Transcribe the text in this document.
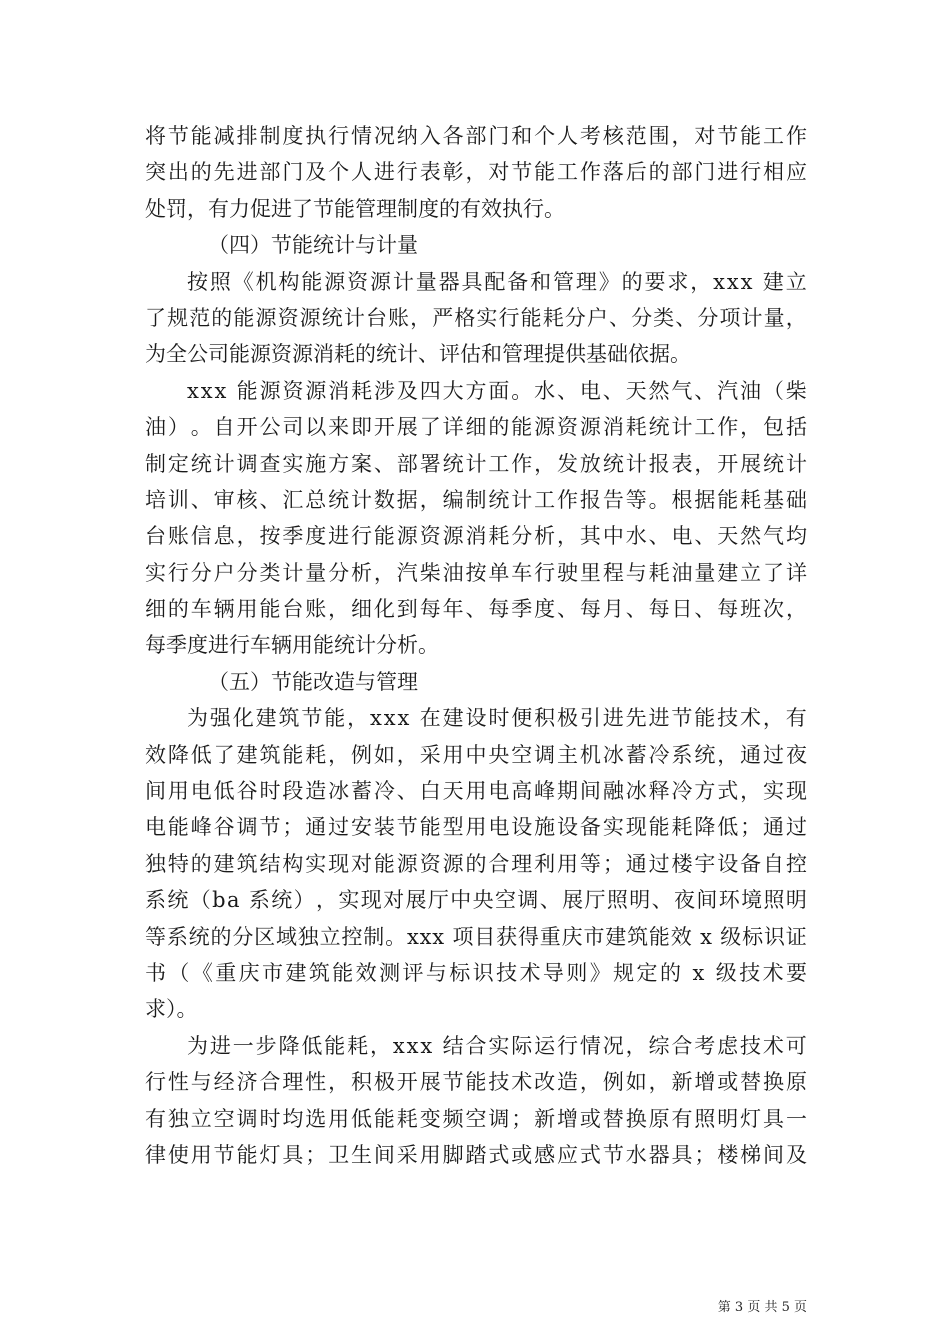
将 节 能 减 排 制 度 执 行 情 况 纳 入 各 部 门 和 个 人 考 核 范 围 ， 对 节 能 工 作
突 出 的 先 进 部 门 及 个 人 进 行 表 彰 ， 对 节 能 工 作 落 后 的 部 门 进 行 相 应
处罚，有力促进了节能管理制度的有效执行。
（四）节能统计与计量
按 照 《 机 构 能 源 资 源 计 量 器 具 配 备 和 管 理 》 的 要 求 ， x x x
建 立
了 规 范 的 能 源 资 源 统 计 台 账 ， 严 格 实 行 能 耗 分 户 、 分 类 、 分 项 计 量 ，
为全公司能源资源消耗的统计、评估和管理提供基础依据。
x x x
能 源 资 源 消 耗 涉 及 四 大 方 面 。 水 、 电 、 天 然 气 、 汽 油 （ 柴
油 ） 。 自 开 公 司 以 来 即 开 展 了 详 细 的 能 源 资 源 消 耗 统 计 工 作 ， 包 括
制 定 统 计 调 查 实 施 方 案 、 部 署 统 计 工 作 ， 发 放 统 计 报 表 ， 开 展 统 计
培 训 、 审 核 、 汇 总 统 计 数 据 ， 编 制 统 计 工 作 报 告 等 。 根 据 能 耗 基 础
台 账 信 息 ， 按 季 度 进 行 能 源 资 源 消 耗 分 析 ， 其 中 水 、 电 、 天 然 气 均
实 行 分 户 分 类 计 量 分 析 ， 汽 柴 油 按 单 车 行 驶 里 程 与 耗 油 量 建 立 了 详
细 的 车 辆 用 能 台 账 ， 细 化 到 每 年 、 每 季 度 、 每 月 、 每 日 、 每 班 次 ，
每季度进行车辆用能统计分析。
（五）节能改造与管理
为 强 化 建 筑 节 能 ， x x x
在 建 设 时 便 积 极 引 进 先 进 节 能 技 术 ， 有
效 降 低 了 建 筑 能 耗 ， 例 如 ， 采 用 中 央 空 调 主 机 冰 蓄 冷 系 统 ， 通 过 夜
间 用 电 低 谷 时 段 造 冰 蓄 冷 、 白 天 用 电 高 峰 期 间 融 冰 释 冷 方 式 ， 实 现
电 能 峰 谷 调 节 ； 通 过 安 装 节 能 型 用 电 设 施 设 备 实 现 能 耗 降 低 ； 通 过
独 特 的 建 筑 结 构 实 现 对 能 源 资 源 的 合 理 利 用 等 ； 通 过 楼 宇 设 备 自 控
系 统 （ b a
系 统 ） ， 实 现 对 展 厅 中 央 空 调 、 展 厅 照 明 、 夜 间 环 境 照 明
等 系 统 的 分 区 域 独 立 控 制 。 x x x
项 目 获 得 重 庆 市 建 筑 能 效
x
级 标 识 证
书 （ 《 重 庆 市 建 筑 能 效 测 评 与 标 识 技 术 导 则 》 规 定 的
x
级 技 术 要
求）。
为 进 一 步 降 低 能 耗 ， x x x
结 合 实 际 运 行 情 况 ， 综 合 考 虑 技 术 可
行 性 与 经 济 合 理 性 ， 积 极 开 展 节 能 技 术 改 造 ， 例 如 ， 新 增 或 替 换 原
有 独 立 空 调 时 均 选 用 低 能 耗 变 频 空 调 ； 新 增 或 替 换 原 有 照 明 灯 具 一
律 使 用 节 能 灯 具 ； 卫 生 间 采 用 脚 踏 式 或 感 应 式 节 水 器 具 ； 楼 梯 间 及
第 3 页 共 5 页
